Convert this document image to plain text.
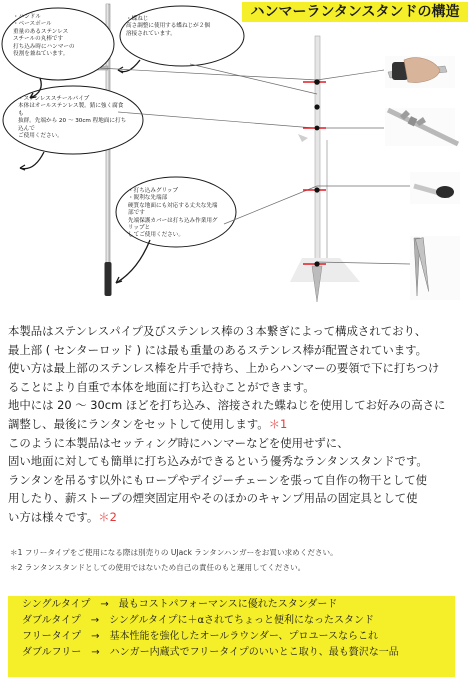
ハンマーランタンスタンドの構造
・ハンドル
・ベースポール
重量のあるステンレス
スチールの丸棒です
打ち込み時にハンマーの
役割を兼ねています。
・蝶ねじ
高さ調整に使用する蝶ねじが２個
溶接されています。
・ステンレススチールパイプ
本体はオールステンレス製。錆に強く腐食も
抜群。先端から 20 ～ 30cm 程地面に打ち込んで
ご使用ください。
・打ち込みグリップ
・鋭利な先端部
硬質な地面にも対応する丈夫な先端部です
先端保護カバーは打ち込み作業用グリップと
してご使用ください。

本製品はステンレスパイプ及びステンレス棒の３本繋ぎによって構成されており、

最上部 ( センターロッド ) には最も重量のあるステンレス棒が配置されています。

使い方は最上部のステンレス棒を片手で持ち、上からハンマーの要領で下に打ちつけ

ることにより自重で本体を地面に打ち込むことができます。

地中には 20 ～ 30cm ほどを打ち込み、溶接された蝶ねじを使用してお好みの高さに

調整し、最後にランタンをセットして使用します。＊1

このように本製品はセッティング時にハンマーなどを使用せずに、

固い地面に対しても簡単に打ち込みができるという優秀なランタンスタンドです。

ランタンを吊るす以外にもロープやデイジーチェーンを張って自作の物干として使

用したり、薪ストーブの煙突固定用やそのほかのキャンプ用品の固定具として使

い方は様々です。＊2

＊1 フリータイプをご使用になる際は別売りの UJack ランタンハンガーをお買い求めください。

＊2 ランタンスタンドとしての使用ではないため自己の責任のもと運用してください。

シングルタイプ　 →　 最もコストパフォーマンスに優れたスタンダード
ダブルタイプ　 →　 シングルタイプに＋αされてちょっと便利になったスタンド
フリータイプ　 →　 基本性能を強化したオールラウンダー、プロユースならこれ
ダブルフリー　 →　 ハンガー内蔵式でフリータイプのいいとこ取り、最も贅沢な一品
